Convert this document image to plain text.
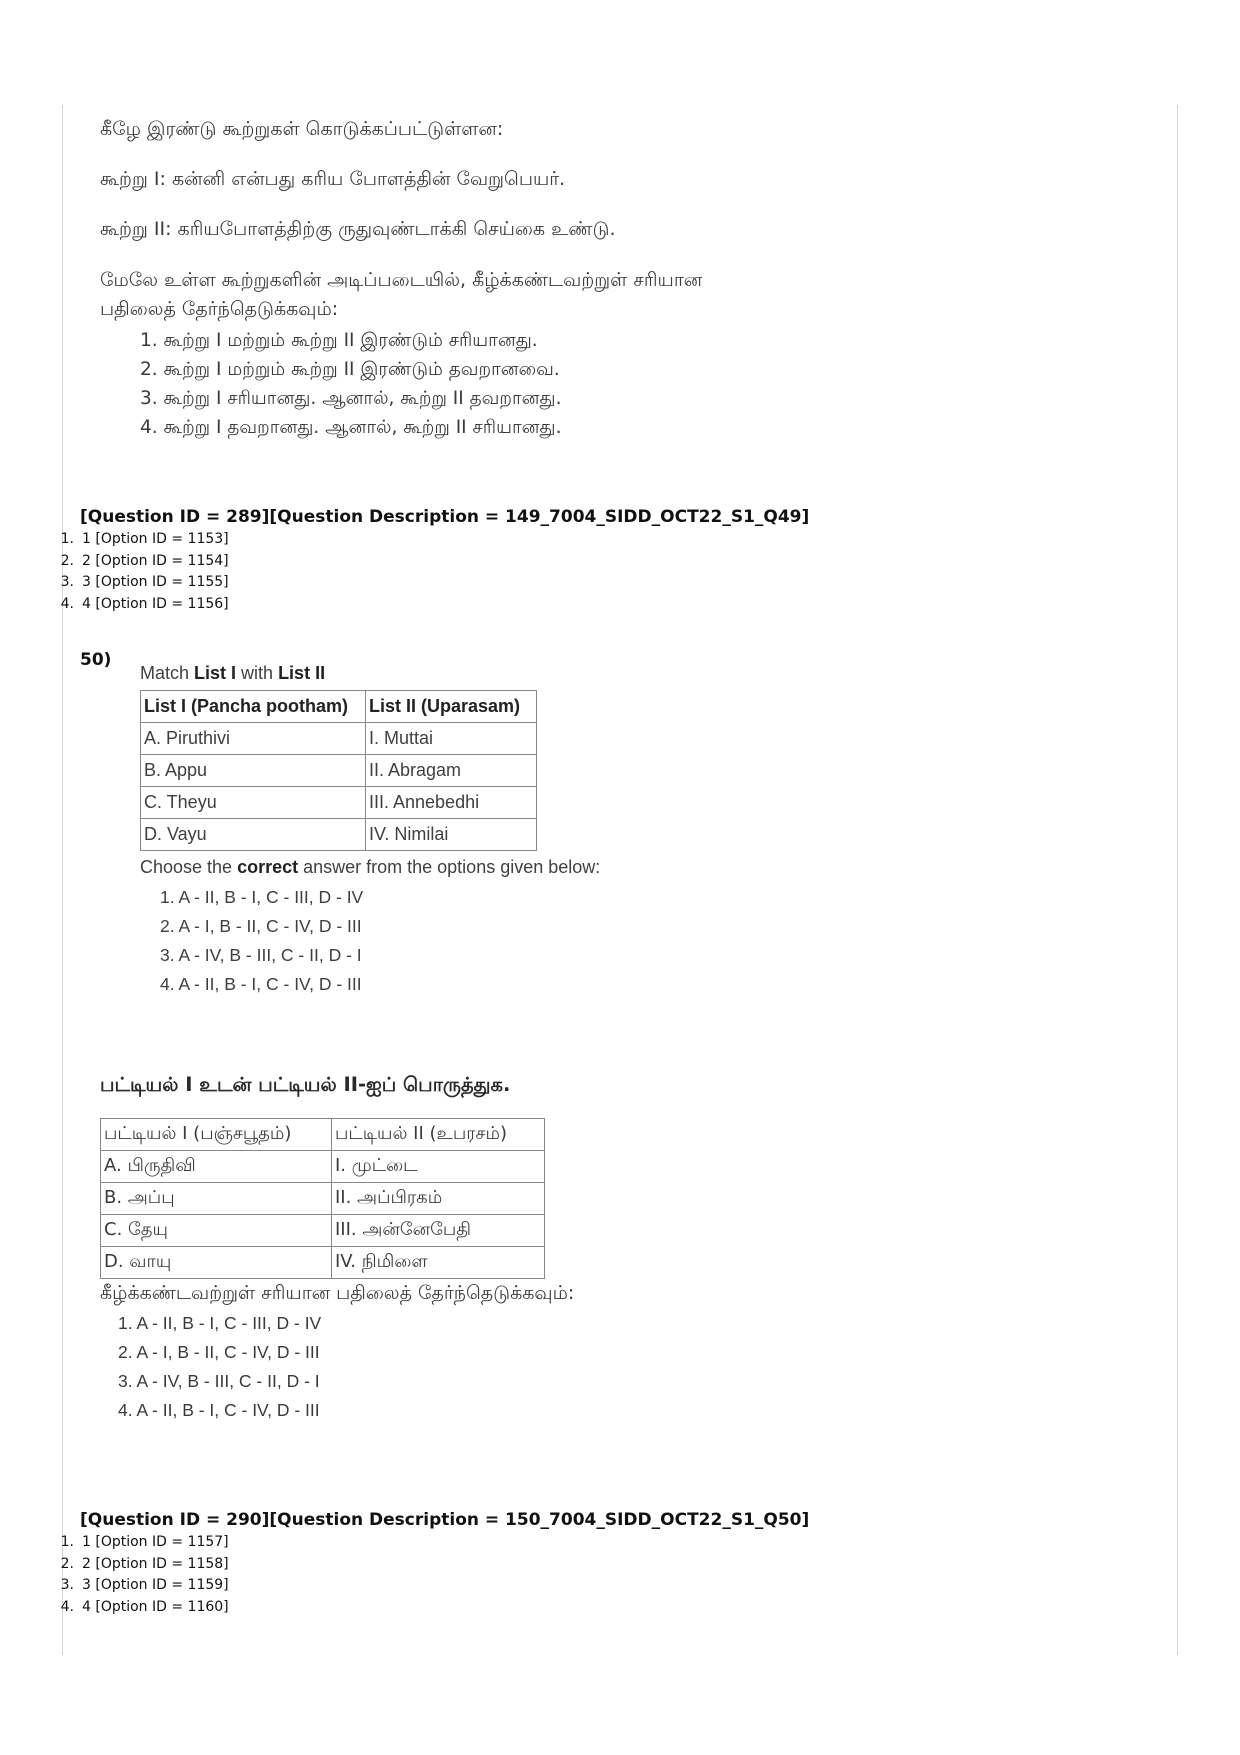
கீழே இரண்டு கூற்றுகள் கொடுக்கப்பட்டுள்ளன:

கூற்று I: கன்னி என்பது கரிய போளத்தின் வேறுபெயர்.

கூற்று II: கரியபோளத்திற்கு ருதுவுண்டாக்கி செய்கை உண்டு.

மேலே உள்ள கூற்றுகளின் அடிப்படையில், கீழ்க்கண்டவற்றுள் சரியான பதிலைத் தேர்ந்தெடுக்கவும்:

1. கூற்று I மற்றும் கூற்று II இரண்டும் சரியானது.
2. கூற்று I மற்றும் கூற்று II இரண்டும் தவறானவை.
3. கூற்று I சரியானது. ஆனால், கூற்று II தவறானது.
4. கூற்று I தவறானது. ஆனால், கூற்று II சரியானது.
[Question ID = 289][Question Description = 149_7004_SIDD_OCT22_S1_Q49]
1. 1 [Option ID = 1153]
2. 2 [Option ID = 1154]
3. 3 [Option ID = 1155]
4. 4 [Option ID = 1156]
50)
Match List I with List II
List I (Pancha pootham)	List II (Uparasam)
A. Piruthivi	I. Muttai
B. Appu	II. Abragam
C. Theyu	III. Annebedhi
D. Vayu	IV. Nimilai
Choose the correct answer from the options given below:
1. A - II, B - I, C - III, D - IV
2. A - I, B - II, C - IV, D - III
3. A - IV, B - III, C - II, D - I
4. A - II, B - I, C - IV, D - III
பட்டியல் I உடன் பட்டியல் II-ஐப் பொருத்துக.
பட்டியல் I (பஞ்சபூதம்)	பட்டியல் II (உபரசம்)
A. பிருதிவி	I. முட்டை
B. அப்பு	II. அப்பிரகம்
C. தேயு	III. அன்னேபேதி
D. வாயு	IV. நிமிளை
கீழ்க்கண்டவற்றுள் சரியான பதிலைத் தேர்ந்தெடுக்கவும்:
1. A - II, B - I, C - III, D - IV
2. A - I, B - II, C - IV, D - III
3. A - IV, B - III, C - II, D - I
4. A - II, B - I, C - IV, D - III
[Question ID = 290][Question Description = 150_7004_SIDD_OCT22_S1_Q50]
1. 1 [Option ID = 1157]
2. 2 [Option ID = 1158]
3. 3 [Option ID = 1159]
4. 4 [Option ID = 1160]
